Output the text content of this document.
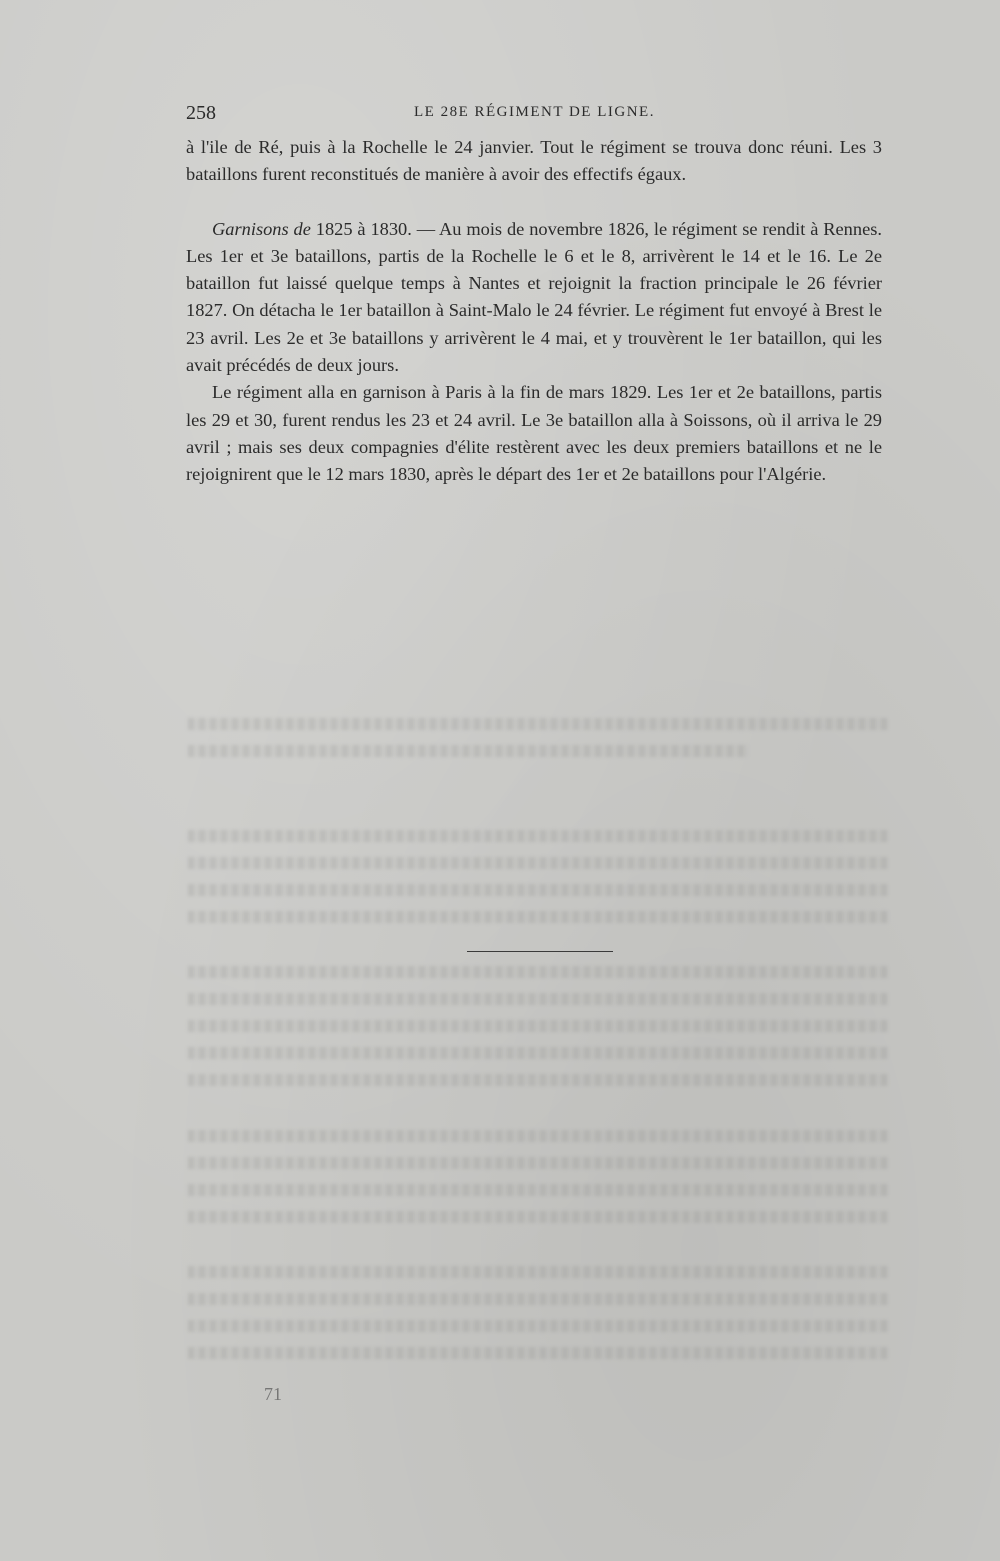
258	LE 28E RÉGIMENT DE LIGNE.

à l'ile de Ré, puis à la Rochelle le 24 janvier. Tout le régiment se trouva donc réuni. Les 3 bataillons furent reconstitués de manière à avoir des effectifs égaux.

Garnisons de 1825 à 1830. — Au mois de novembre 1826, le régiment se rendit à Rennes. Les 1er et 3e bataillons, partis de la Rochelle le 6 et le 8, arrivèrent le 14 et le 16. Le 2e bataillon fut laissé quelque temps à Nantes et rejoignit la fraction principale le 26 février 1827. On détacha le 1er bataillon à Saint-Malo le 24 février. Le régiment fut envoyé à Brest le 23 avril. Les 2e et 3e bataillons y arrivèrent le 4 mai, et y trouvèrent le 1er bataillon, qui les avait précédés de deux jours.

Le régiment alla en garnison à Paris à la fin de mars 1829. Les 1er et 2e bataillons, partis les 29 et 30, furent rendus les 23 et 24 avril. Le 3e bataillon alla à Soissons, où il arriva le 29 avril ; mais ses deux compagnies d'élite restèrent avec les deux premiers bataillons et ne le rejoignirent que le 12 mars 1830, après le départ des 1er et 2e bataillons pour l'Algérie.

71
